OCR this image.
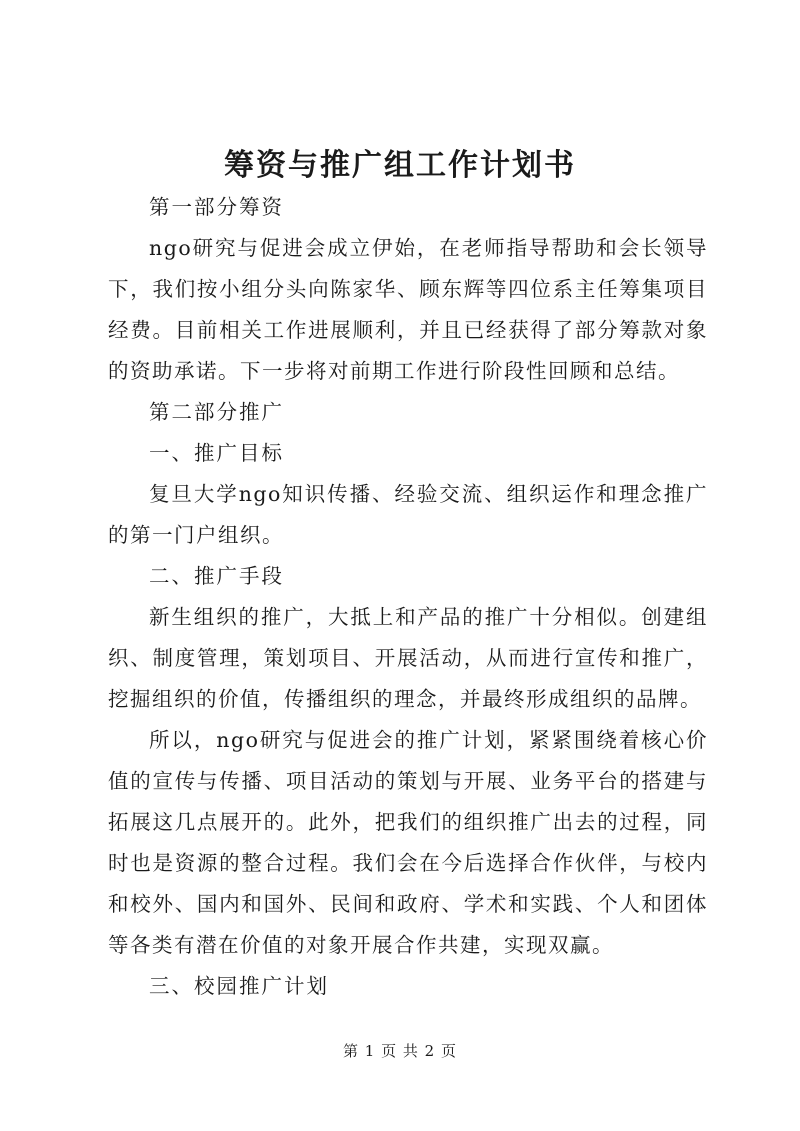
筹资与推广组工作计划书

第一部分筹资

ngo研究与促进会成立伊始，在老师指导帮助和会长领导下，我们按小组分头向陈家华、顾东辉等四位系主任筹集项目经费。目前相关工作进展顺利，并且已经获得了部分筹款对象的资助承诺。下一步将对前期工作进行阶段性回顾和总结。

第二部分推广

一、推广目标

复旦大学ngo知识传播、经验交流、组织运作和理念推广的第一门户组织。

二、推广手段

新生组织的推广，大抵上和产品的推广十分相似。创建组织、制度管理，策划项目、开展活动，从而进行宣传和推广，挖掘组织的价值，传播组织的理念，并最终形成组织的品牌。

所以，ngo研究与促进会的推广计划，紧紧围绕着核心价值的宣传与传播、项目活动的策划与开展、业务平台的搭建与拓展这几点展开的。此外，把我们的组织推广出去的过程，同时也是资源的整合过程。我们会在今后选择合作伙伴，与校内和校外、国内和国外、民间和政府、学术和实践、个人和团体等各类有潜在价值的对象开展合作共建，实现双赢。

三、校园推广计划

第 1 页 共 2 页
